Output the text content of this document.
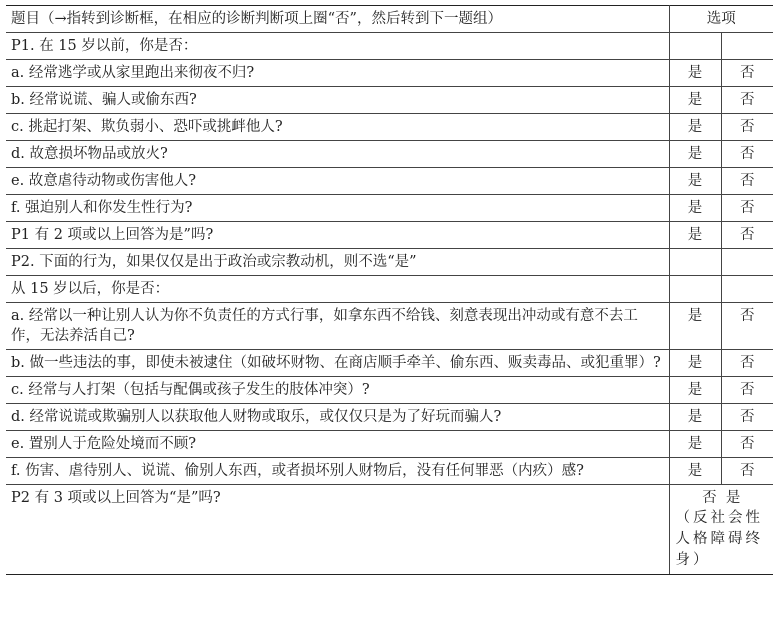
题目（→指转到诊断框，在相应的诊断判断项上圈“否”，然后转到下一题组）	选项	
P1. 在 15 岁以前，你是否：		
a. 经常逃学或从家里跑出来彻夜不归?	是	否
b. 经常说谎、骗人或偷东西?	是	否
c. 挑起打架、欺负弱小、恐吓或挑衅他人?	是	否
d. 故意损坏物品或放火?	是	否
e. 故意虐待动物或伤害他人?	是	否
f. 强迫别人和你发生性行为?	是	否
P1 有 2 项或以上回答为是”吗?	是	否
P2. 下面的行为，如果仅仅是出于政治或宗教动机，则不选“是”		
从 15 岁以后，你是否：		
a. 经常以一种让别人认为你不负责任的方式行事，如拿东西不给钱、刻意表现出冲动或有意不去工作，无法养活自己?	是	否
b. 做一些违法的事，即使未被逮住（如破坏财物、在商店顺手牵羊、偷东西、贩卖毒品、或犯重罪）?	是	否
c. 经常与人打架（包括与配偶或孩子发生的肢体冲突）?	是	否
d. 经常说谎或欺骗别人以获取他人财物或取乐，或仅仅只是为了好玩而骗人?	是	否
e. 置别人于危险处境而不顾?	是	否
f. 伤害、虐待别人、说谎、偷别人东西，或者损坏别人财物后，没有任何罪恶（内疚）感?	是	否
P2 有 3 项或以上回答为“是”吗?	否 是
（反社会性人格障碍终身）	
